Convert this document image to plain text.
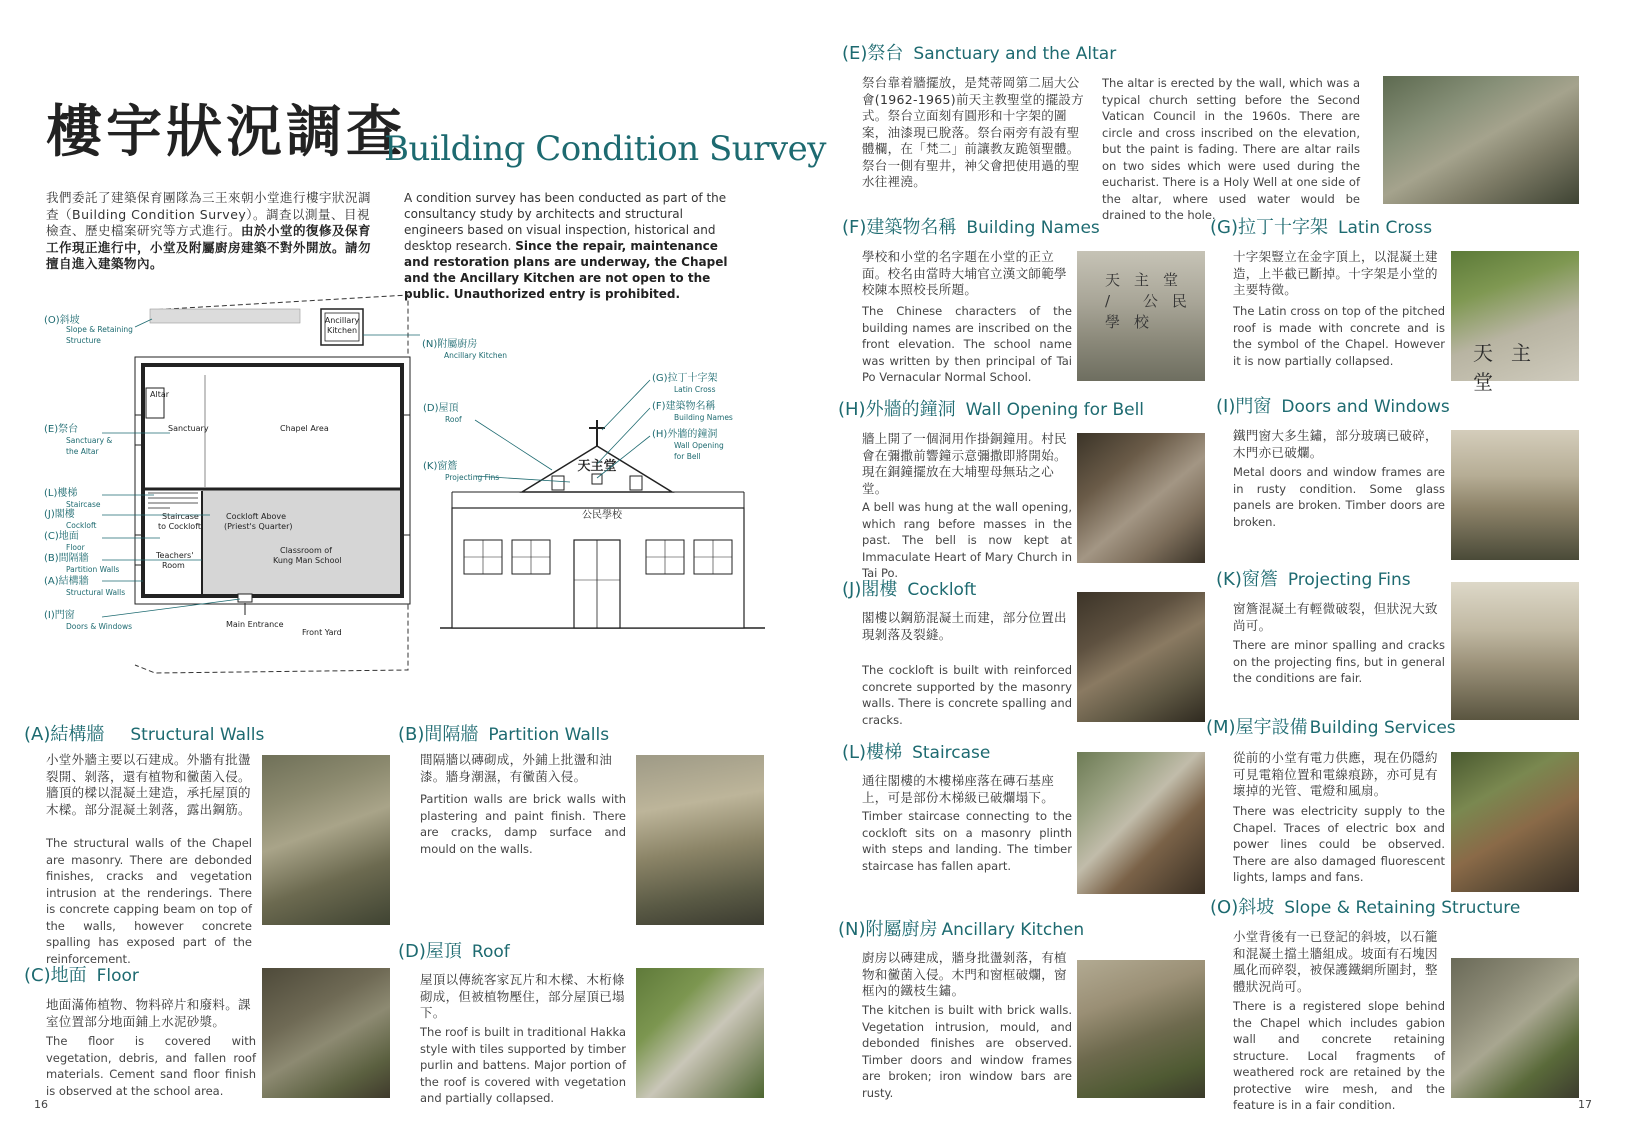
樓宇狀況調查
Building Condition Survey
我們委託了建築保育團隊為三王來朝小堂進行樓宇狀況調查（Building Condition Survey）。調查以測量、目視檢查、歷史檔案研究等方式進行。由於小堂的復修及保育工作現正進行中，小堂及附屬廚房建築不對外開放。請勿擅自進入建築物內。
A condition survey has been conducted as part of the consultancy study by architects and structural engineers based on visual inspection, historical and desktop research. Since the repair, maintenance and restoration plans are underway, the Chapel and the Ancillary Kitchen are not open to the public. Unauthorized entry is prohibited.
Ancillary Kitchen
Altar
Sanctuary	Chapel Area
Staircase to Cockloft
Cockloft Above (Priest's Quarter)
Teachers' Room
Classroom of Kung Man School
Main Entrance
Front Yard
(O)斜坡
Slope & Retaining Structure
(E)祭台
Sanctuary & the Altar
(L)樓梯
Staircase
(J)閣樓
Cockloft
(C)地面
Floor
(B)間隔牆
Partition Walls
(A)結構牆
Structural Walls
(I)門窗
Doors & Windows
(N)附屬廚房
Ancillary Kitchen
天主堂
公民學校
(D)屋頂
Roof
(K)窗簷
Projecting Fins
(G)拉丁十字架
Latin Cross
(F)建築物名稱
Building Names
(H)外牆的鐘洞
Wall Opening for Bell
(A)結構牆 Structural Walls
小堂外牆主要以石建成。外牆有批盪裂開、剝落，還有植物和黴菌入侵。牆頂的樑以混凝土建造，承托屋頂的木樑。部分混凝土剝落，露出鋼筋。
The structural walls of the Chapel are masonry. There are debonded finishes, cracks and vegetation intrusion at the renderings. There is concrete capping beam on top of the walls, however concrete spalling has exposed part of the reinforcement.
(B)間隔牆 Partition Walls
間隔牆以磚砌成，外鋪上批盪和油漆。牆身潮濕，有黴菌入侵。
Partition walls are brick walls with plastering and paint finish. There are cracks, damp surface and mould on the walls.
(C)地面 Floor
地面滿佈植物、物料碎片和廢料。課室位置部分地面鋪上水泥砂漿。
The floor is covered with vegetation, debris, and fallen roof materials. Cement sand floor finish is observed at the school area.
(D)屋頂 Roof
屋頂以傳統客家瓦片和木樑、木桁條砌成，但被植物壓住，部分屋頂已塌下。
The roof is built in traditional Hakka style with tiles supported by timber purlin and battens. Major portion of the roof is covered with vegetation and partially collapsed.
16
(E)祭台 Sanctuary and the Altar
祭台靠着牆擺放，是梵蒂岡第二屆大公會(1962-1965)前天主教聖堂的擺設方式。祭台立面刻有圓形和十字架的圖案，油漆現已脫落。祭台兩旁有設有聖體欄，在「梵二」前讓教友跪領聖體。祭台一側有聖井，神父會把使用過的聖水往裡澆。
The altar is erected by the wall, which was a typical church setting before the Second Vatican Council in the 1960s. There are circle and cross inscribed on the elevation, but the paint is fading. There are altar rails on two sides which were used during the eucharist. There is a Holy Well at one side of the altar, where used water would be drained to the hole.
(F)建築物名稱 Building Names
學校和小堂的名字題在小堂的正立面。校名由當時大埔官立漢文師範學校陳本照校長所題。
The Chinese characters of the building names are inscribed on the front elevation. The school name was written by then principal of Tai Po Vernacular Normal School.
天主堂 / 公民學校
(G)拉丁十字架 Latin Cross
十字架豎立在金字頂上，以混凝土建造，上半截已斷掉。十字架是小堂的主要特徵。
The Latin cross on top of the pitched roof is made with concrete and is the symbol of the Chapel. However it is now partially collapsed.	天主堂
(H)外牆的鐘洞 Wall Opening for Bell
牆上開了一個洞用作掛銅鐘用。村民會在彌撒前響鐘示意彌撒即將開始。現在銅鐘擺放在大埔聖母無玷之心堂。
A bell was hung at the wall opening, which rang before masses in the past. The bell is now kept at Immaculate Heart of Mary Church in Tai Po.
(I)門窗 Doors and Windows
鐵門窗大多生鏽，部分玻璃已破碎，木門亦已破爛。
Metal doors and window frames are in rusty condition. Some glass panels are broken. Timber doors are broken.
(J)閣樓 Cockloft
閣樓以鋼筋混凝土而建，部分位置出現剝落及裂縫。
The cockloft is built with reinforced concrete supported by the masonry walls. There is concrete spalling and cracks.
(K)窗簷 Projecting Fins
窗簷混凝土有輕微破裂，但狀況大致尚可。
There are minor spalling and cracks on the projecting fins, but in general the conditions are fair.
(L)樓梯 Staircase
通往閣樓的木樓梯座落在磚石基座上，可是部份木梯級已破爛塌下。
Timber staircase connecting to the cockloft sits on a masonry plinth with steps and landing. The timber staircase has fallen apart.
(M)屋宇設備 Building Services
從前的小堂有電力供應，現在仍隱約可見電箱位置和電線痕跡，亦可見有壞掉的光管、電燈和風扇。
There was electricity supply to the Chapel. Traces of electric box and power lines could be observed. There are also damaged fluorescent lights, lamps and fans.
(N)附屬廚房 Ancillary Kitchen
廚房以磚建成，牆身批盪剝落，有植物和黴菌入侵。木門和窗框破爛，窗框內的鐵枝生鏽。
The kitchen is built with brick walls. Vegetation intrusion, mould, and debonded finishes are observed. Timber doors and window frames are broken; iron window bars are rusty.
(O)斜坡 Slope & Retaining Structure
小堂背後有一已登記的斜坡，以石籠和混凝土擋土牆組成。坡面有石塊因風化而碎裂，被保護鐵網所圍封，整體狀況尚可。
There is a registered slope behind the Chapel which includes gabion wall and concrete retaining structure. Local fragments of weathered rock are retained by the protective wire mesh, and the feature is in a fair condition.	17
